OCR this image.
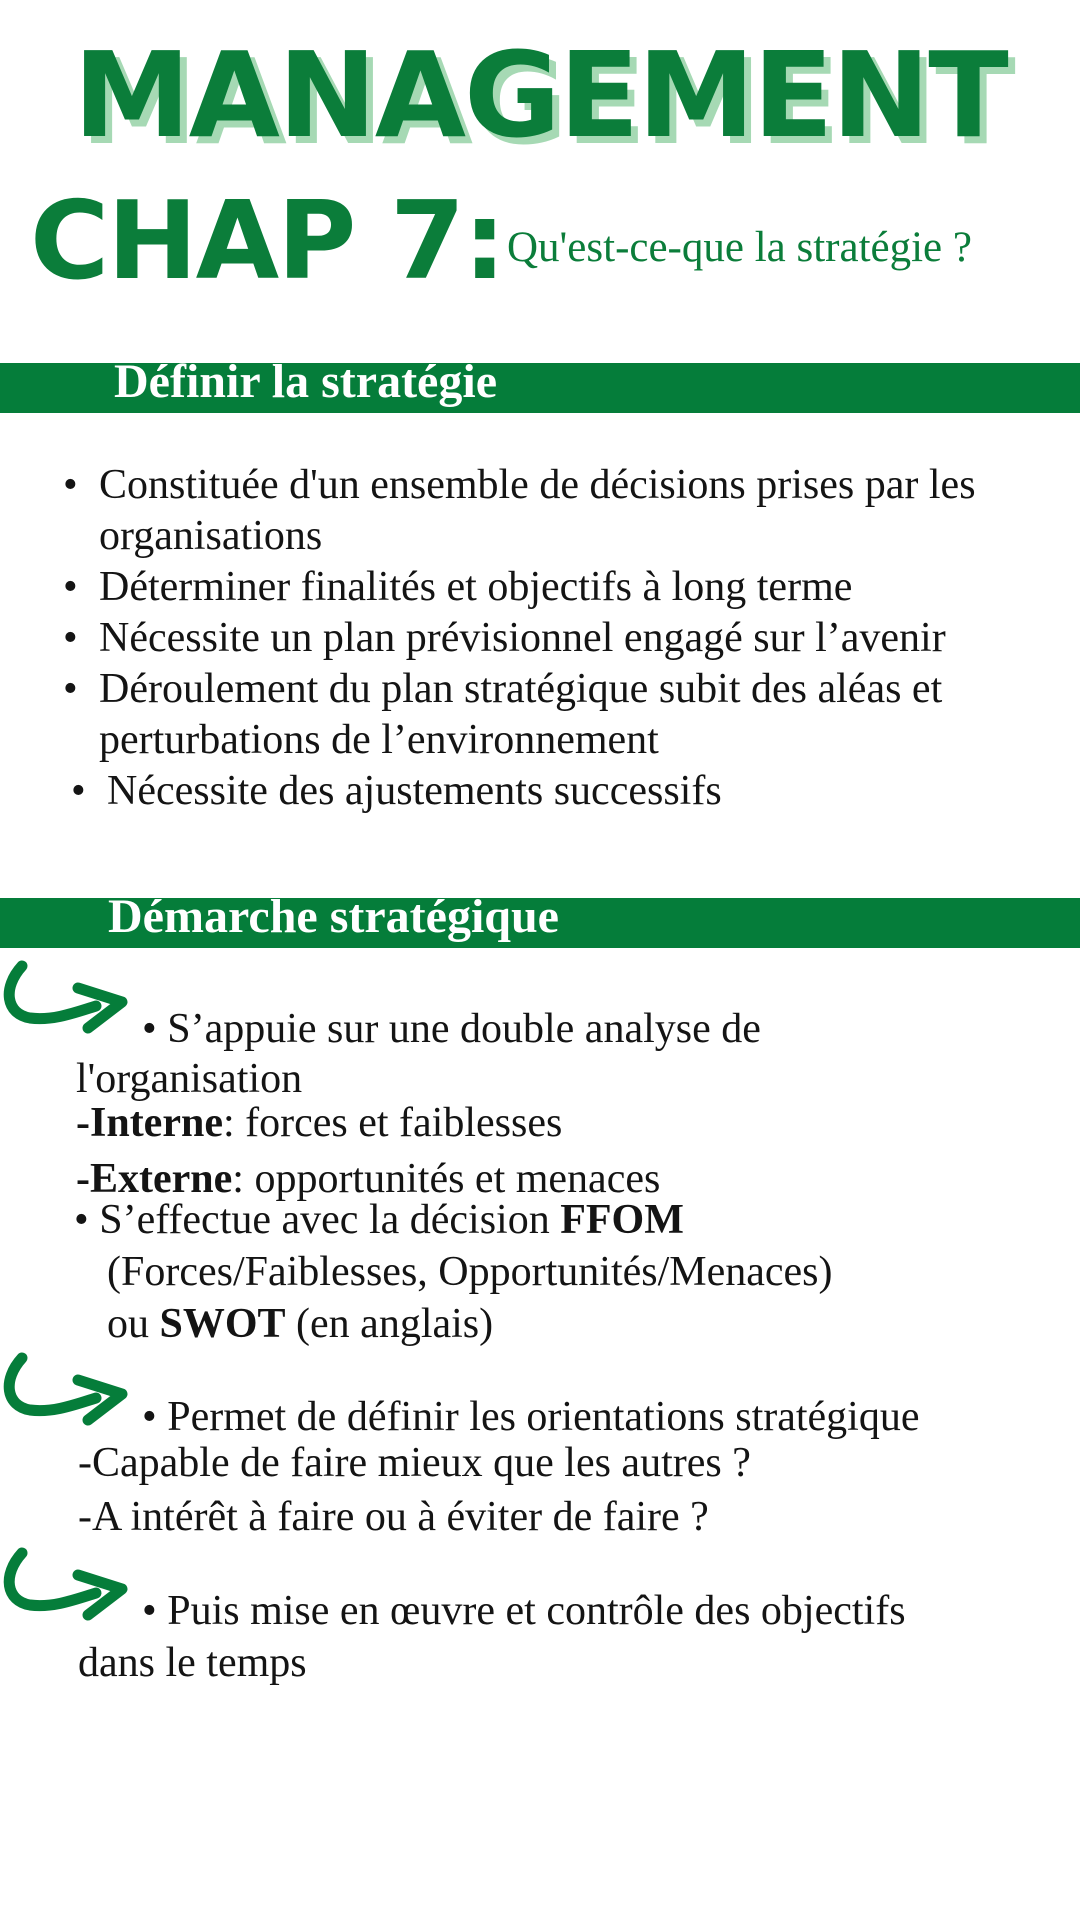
MANAGEMENT
CHAP 7: Qu'est-ce-que la stratégie ?
Définir la stratégie
• Constituée d'un ensemble de décisions prises par les organisations
• Déterminer finalités et objectifs à long terme
• Nécessite un plan prévisionnel engagé sur l’avenir
• Déroulement du plan stratégique subit des aléas et perturbations de l’environnement
• Nécessite des ajustements successifs
Démarche stratégique
• S’appuie sur une double analyse de
l'organisation
-Interne: forces et faiblesses
-Externe: opportunités et menaces
• S’effectue avec la décision FFOM
(Forces/Faiblesses, Opportunités/Menaces)
ou SWOT (en anglais)
• Permet de définir les orientations stratégique
-Capable de faire mieux que les autres ?
-A intérêt à faire ou à éviter de faire ?
• Puis mise en œuvre et contrôle des objectifs
dans le temps
